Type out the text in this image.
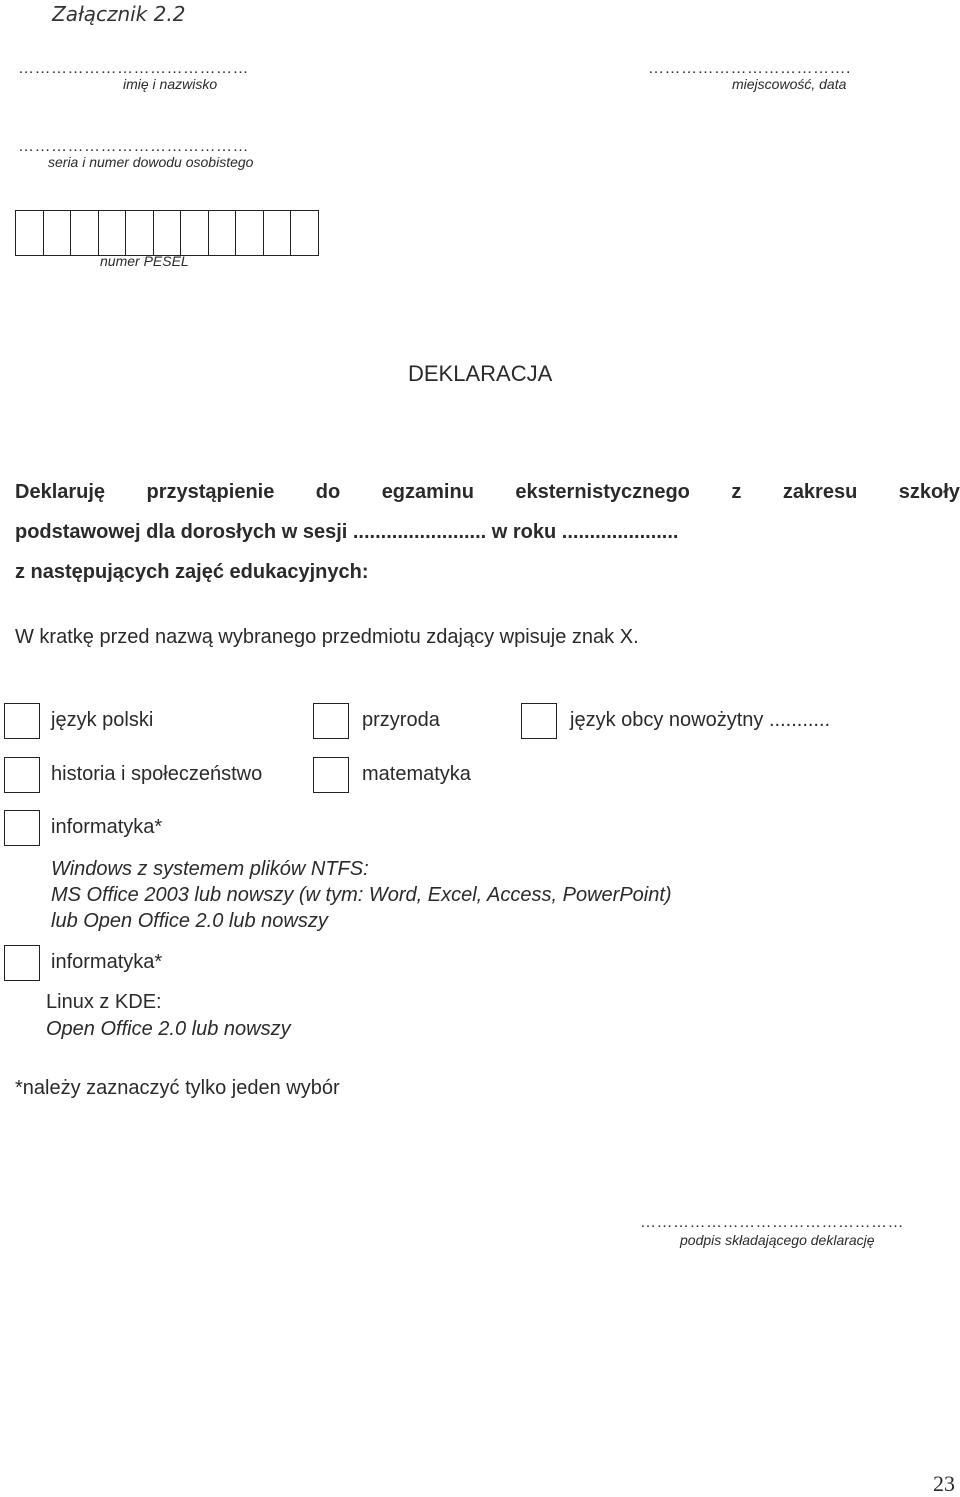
Załącznik 2.2
……………………………………
imię i nazwisko
……………………………….
miejscowość, data
……………………………………
seria i numer dowodu osobistego
numer PESEL
DEKLARACJA
Deklaruję przystąpienie do egzaminu eksternistycznego z zakresu szkoły
podstawowej dla dorosłych w sesji ........................ w roku .....................
z następujących zajęć edukacyjnych:
W kratkę przed nazwą wybranego przedmiotu zdający wpisuje znak X.
język polski	przyroda	język obcy nowożytny ...........
historia i społeczeństwo	matematyka
informatyka*
Windows z systemem plików NTFS:
MS Office 2003 lub nowszy (w tym: Word, Excel, Access, PowerPoint)
lub Open Office 2.0 lub nowszy
informatyka*
Linux z KDE:
Open Office 2.0 lub nowszy
*należy zaznaczyć tylko jeden wybór
…………………………………………
podpis składającego deklarację
23
